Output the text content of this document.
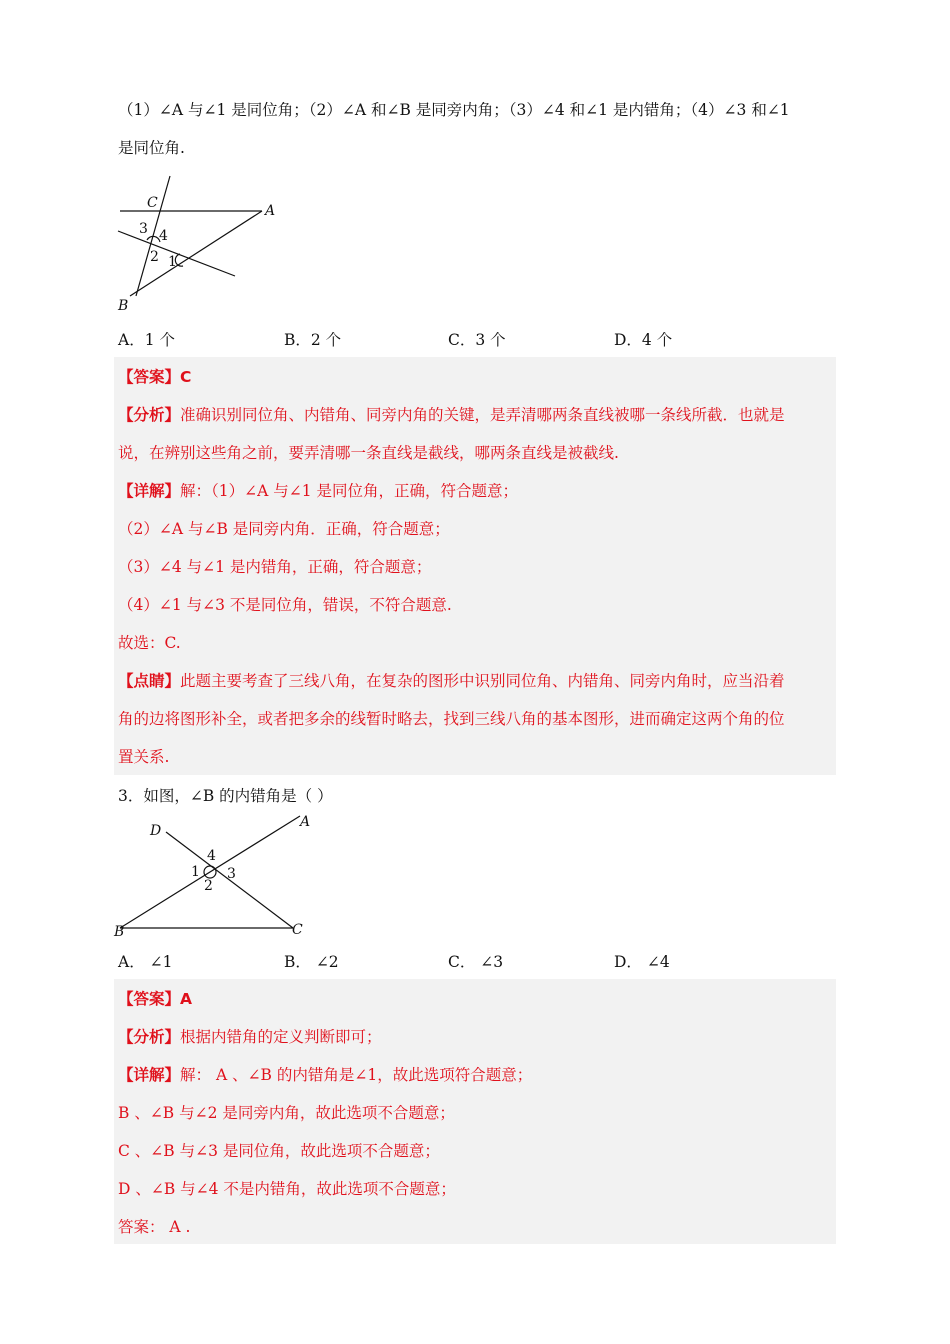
（1）∠A 与∠1 是同位角；（2）∠A 和∠B 是同旁内角；（3）∠4 和∠1 是内错角；（4）∠3 和∠1
是同位角.
C	A
B
3 4
2 1
A．1 个	B．2 个	C．3 个	D．4 个
【答案】C
【分析】准确识别同位角、内错角、同旁内角的关键，是弄清哪两条直线被哪一条线所截．也就是
说，在辨别这些角之前，要弄清哪一条直线是截线，哪两条直线是被截线.
【详解】解：（1）∠A 与∠1 是同位角，正确，符合题意；
（2）∠A 与∠B 是同旁内角．正确，符合题意；
（3）∠4 与∠1 是内错角，正确，符合题意；
（4）∠1 与∠3 不是同位角，错误，不符合题意.
故选：C.
【点睛】此题主要考查了三线八角，在复杂的图形中识别同位角、内错角、同旁内角时，应当沿着
角的边将图形补全，或者把多余的线暂时略去，找到三线八角的基本图形，进而确定这两个角的位
置关系.
3．如图，∠B 的内错角是（ ）
D
A
B	C
4
1 3
2
A． ∠1	B． ∠2	C． ∠3	D． ∠4
【答案】A
【分析】根据内错角的定义判断即可；
【详解】解： A 、∠B 的内错角是∠1，故此选项符合题意；
B 、∠B 与∠2 是同旁内角，故此选项不合题意；
C 、∠B 与∠3 是同位角，故此选项不合题意；
D 、∠B 与∠4 不是内错角，故此选项不合题意；
答案： A .
